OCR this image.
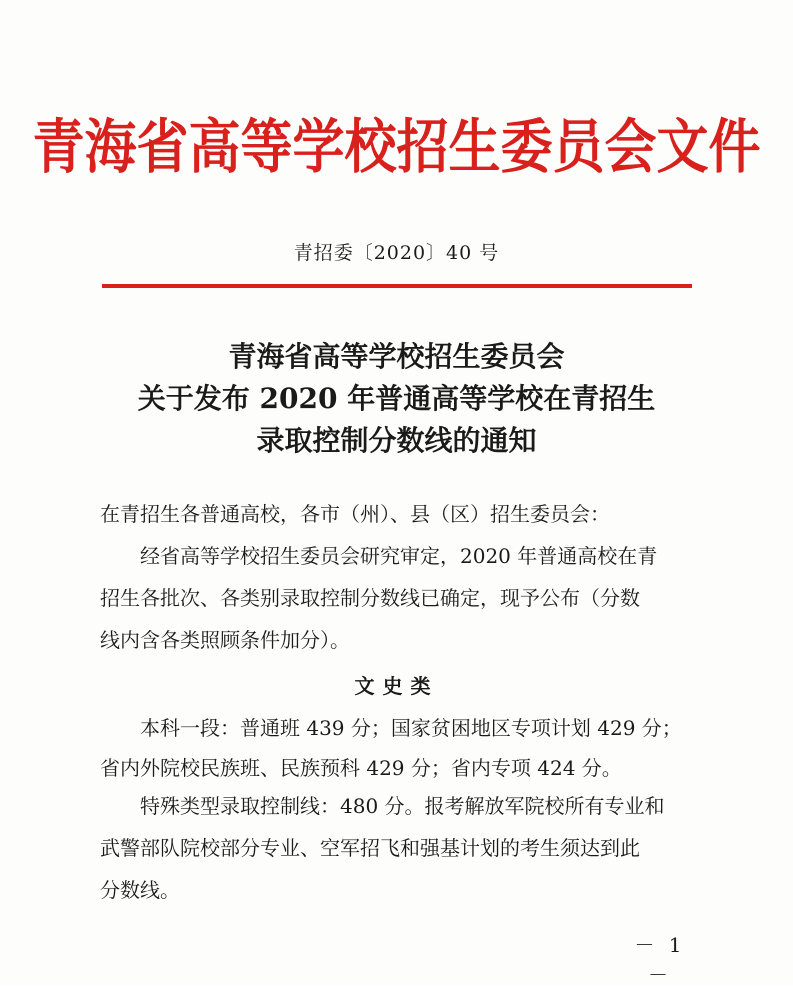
青海省高等学校招生委员会文件
青招委〔2020〕40 号
青海省高等学校招生委员会
关于发布 2020 年普通高等学校在青招生
录取控制分数线的通知
在青招生各普通高校，各市（州）、县（区）招生委员会：
经省高等学校招生委员会研究审定，2020 年普通高校在青
招生各批次、各类别录取控制分数线已确定，现予公布（分数
线内含各类照顾条件加分）。
文史类
本科一段：普通班 439 分；国家贫困地区专项计划 429 分；
省内外院校民族班、民族预科 429 分；省内专项 424 分。
特殊类型录取控制线：480 分。报考解放军院校所有专业和
武警部队院校部分专业、空军招飞和强基计划的考生须达到此
分数线。
－ 1 －
